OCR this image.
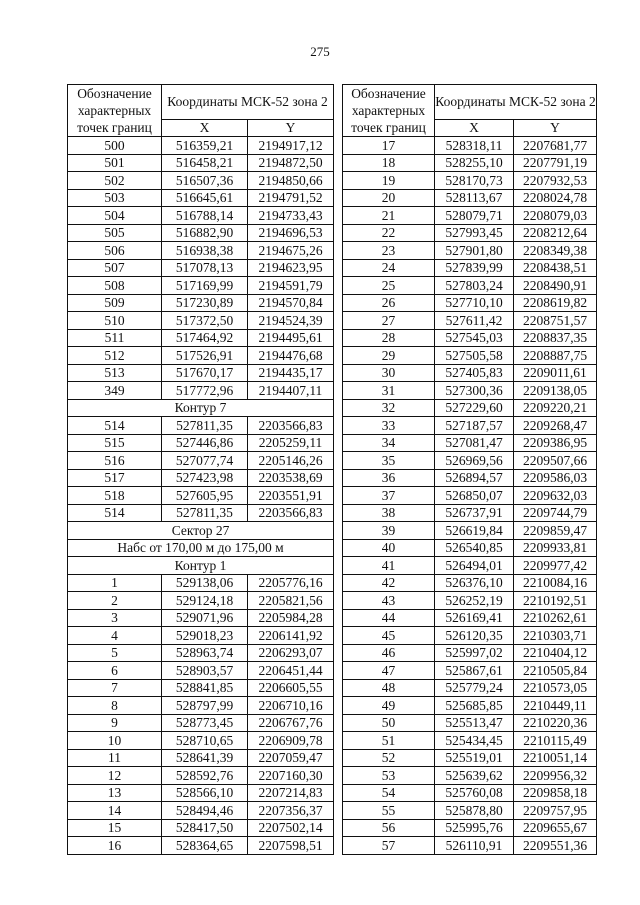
275
Обозначение характерных точек границ	Координаты МСК-52 зона 2	
	X	Y
500	516359,21	2194917,12
501	516458,21	2194872,50
502	516507,36	2194850,66
503	516645,61	2194791,52
504	516788,14	2194733,43
505	516882,90	2194696,53
506	516938,38	2194675,26
507	517078,13	2194623,95
508	517169,99	2194591,79
509	517230,89	2194570,84
510	517372,50	2194524,39
511	517464,92	2194495,61
512	517526,91	2194476,68
513	517670,17	2194435,17
349	517772,96	2194407,11
Контур 7		
514	527811,35	2203566,83
515	527446,86	2205259,11
516	527077,74	2205146,26
517	527423,98	2203538,69
518	527605,95	2203551,91
514	527811,35	2203566,83
Сектор 27		
Набс от 170,00 м до 175,00 м		
Контур 1		
1	529138,06	2205776,16
2	529124,18	2205821,56
3	529071,96	2205984,28
4	529018,23	2206141,92
5	528963,74	2206293,07
6	528903,57	2206451,44
7	528841,85	2206605,55
8	528797,99	2206710,16
9	528773,45	2206767,76
10	528710,65	2206909,78
11	528641,39	2207059,47
12	528592,76	2207160,30
13	528566,10	2207214,83
14	528494,46	2207356,37
15	528417,50	2207502,14
16	528364,65	2207598,51
Обозначение характерных точек границ	Координаты МСК-52 зона 2	
	X	Y
17	528318,11	2207681,77
18	528255,10	2207791,19
19	528170,73	2207932,53
20	528113,67	2208024,78
21	528079,71	2208079,03
22	527993,45	2208212,64
23	527901,80	2208349,38
24	527839,99	2208438,51
25	527803,24	2208490,91
26	527710,10	2208619,82
27	527611,42	2208751,57
28	527545,03	2208837,35
29	527505,58	2208887,75
30	527405,83	2209011,61
31	527300,36	2209138,05
32	527229,60	2209220,21
33	527187,57	2209268,47
34	527081,47	2209386,95
35	526969,56	2209507,66
36	526894,57	2209586,03
37	526850,07	2209632,03
38	526737,91	2209744,79
39	526619,84	2209859,47
40	526540,85	2209933,81
41	526494,01	2209977,42
42	526376,10	2210084,16
43	526252,19	2210192,51
44	526169,41	2210262,61
45	526120,35	2210303,71
46	525997,02	2210404,12
47	525867,61	2210505,84
48	525779,24	2210573,05
49	525685,85	2210449,11
50	525513,47	2210220,36
51	525434,45	2210115,49
52	525519,01	2210051,14
53	525639,62	2209956,32
54	525760,08	2209858,18
55	525878,80	2209757,95
56	525995,76	2209655,67
57	526110,91	2209551,36
